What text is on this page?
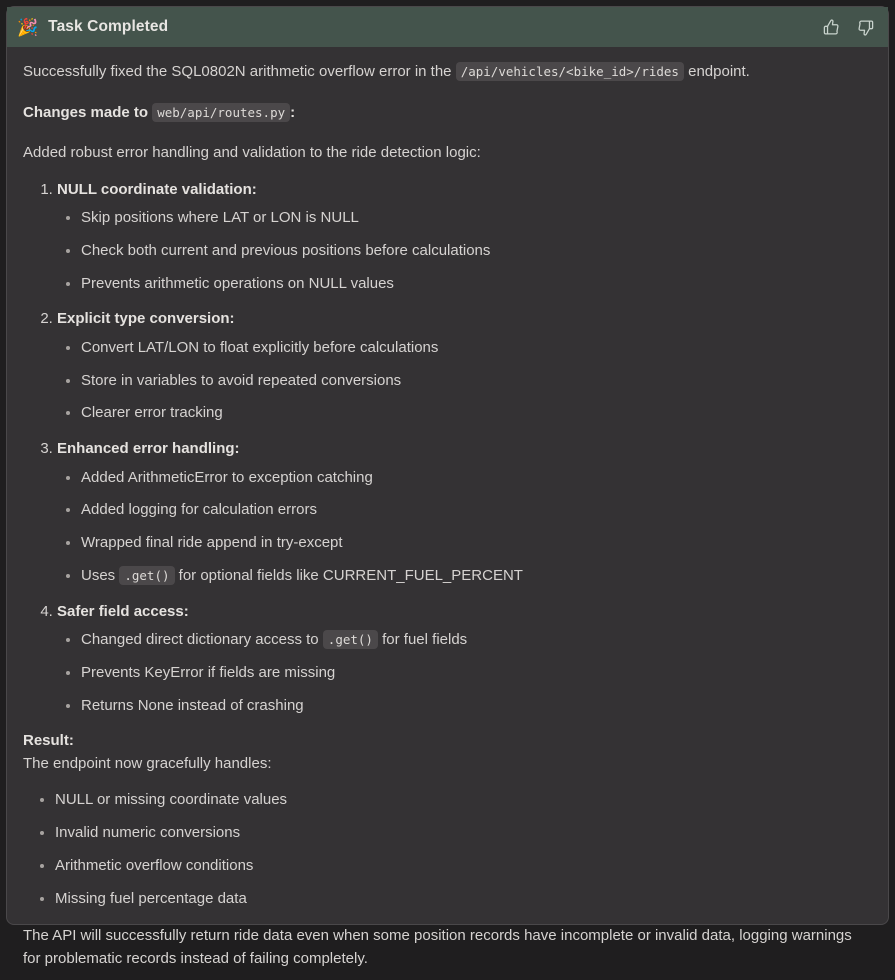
🎉 Task Completed

Successfully fixed the SQL0802N arithmetic overflow error in the /api/vehicles/<bike_id>/rides endpoint.

Changes made to web/api/routes.py :

Added robust error handling and validation to the ride detection logic:

1. NULL coordinate validation:
• Skip positions where LAT or LON is NULL
• Check both current and previous positions before calculations
• Prevents arithmetic operations on NULL values
2. Explicit type conversion:
• Convert LAT/LON to float explicitly before calculations
• Store in variables to avoid repeated conversions
• Clearer error tracking
3. Enhanced error handling:
• Added ArithmeticError to exception catching
• Added logging for calculation errors
• Wrapped final ride append in try-except
• Uses .get() for optional fields like CURRENT_FUEL_PERCENT
4. Safer field access:
• Changed direct dictionary access to .get() for fuel fields
• Prevents KeyError if fields are missing
• Returns None instead of crashing

Result:
The endpoint now gracefully handles:

• NULL or missing coordinate values
• Invalid numeric conversions
• Arithmetic overflow conditions
• Missing fuel percentage data

The API will successfully return ride data even when some position records have incomplete or invalid data, logging warnings for problematic records instead of failing completely.
